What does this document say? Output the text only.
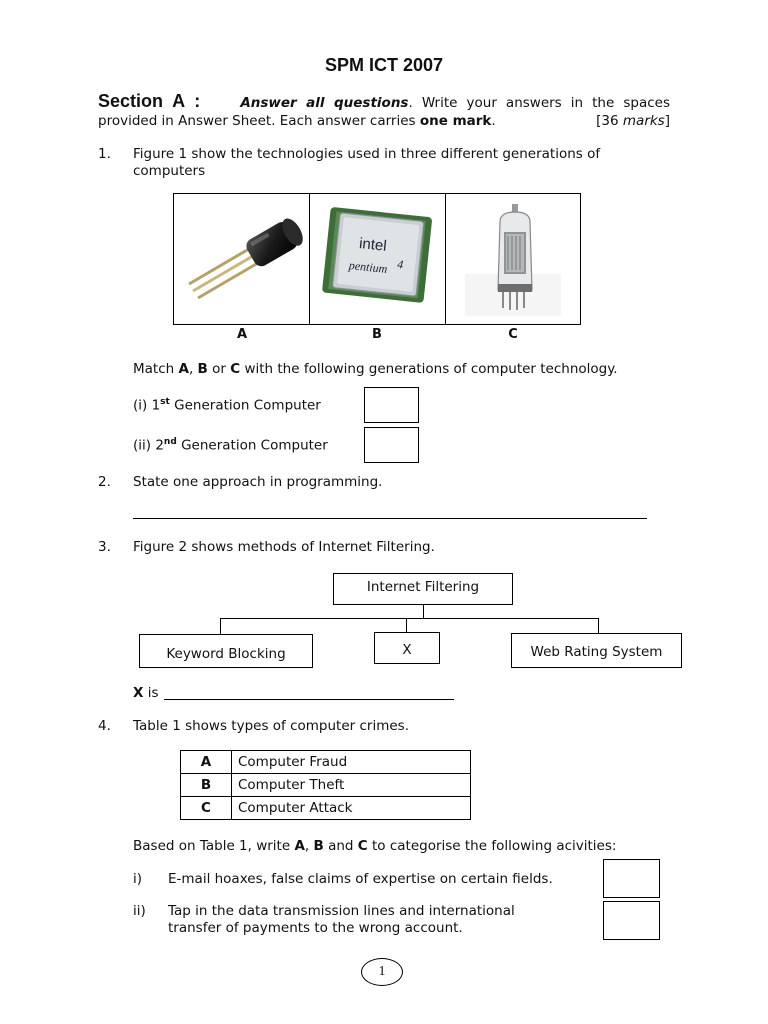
SPM ICT 2007
Section A :	Answer all questions. Write your answers in the spaces
provided in Answer Sheet. Each answer carries one mark.	[36 marks]
1. Figure 1 show the technologies used in three different generations of computers
intel
pentium 4
A	B	C
Match A, B or C with the following generations of computer technology.
(i) 1st Generation Computer
(ii) 2nd Generation Computer
2. State one approach in programming.
3. Figure 2 shows methods of Internet Filtering.
Internet Filtering
Keyword Blocking	X	Web Rating System
X is
4. Table 1 shows types of computer crimes.
A	Computer Fraud
B	Computer Theft
C	Computer Attack
Based on Table 1, write A, B and C to categorise the following acivities:
i) E-mail hoaxes, false claims of expertise on certain fields.
ii) Tap in the data transmission lines and international
transfer of payments to the wrong account.
1
